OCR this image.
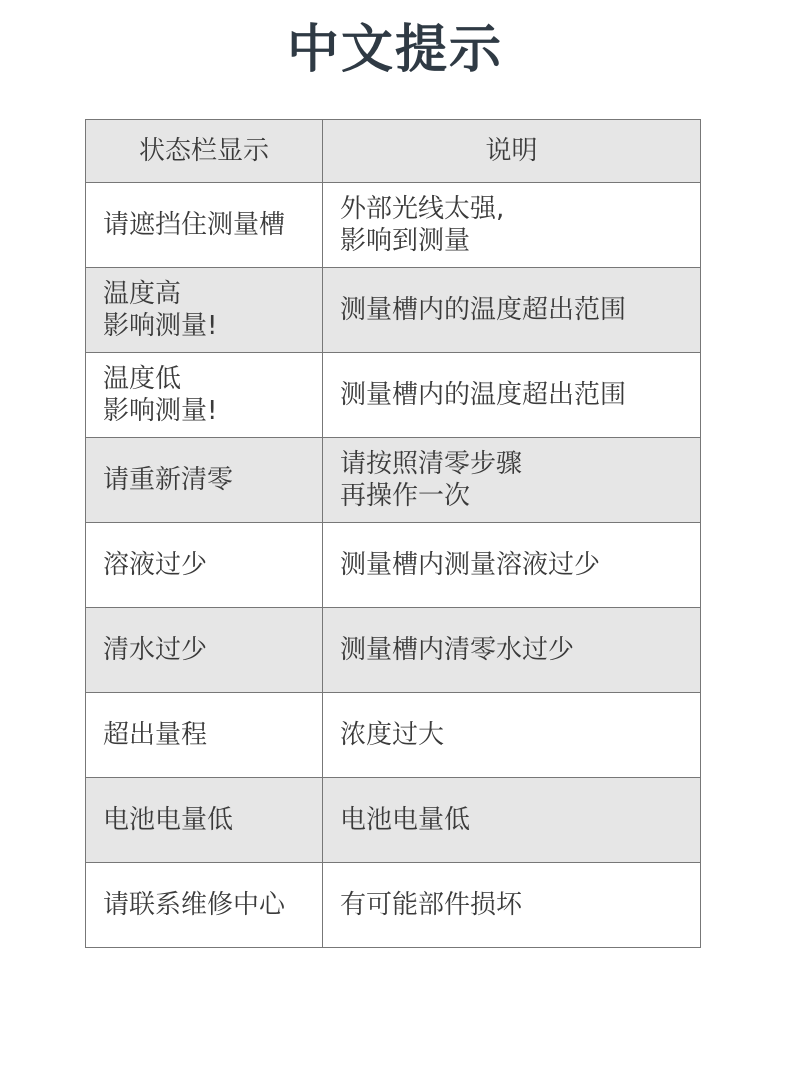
中文提示
状态栏显示	说明
请遮挡住测量槽	外部光线太强,
影响到测量
温度高
影响测量!	测量槽内的温度超出范围
温度低
影响测量!	测量槽内的温度超出范围
请重新清零	请按照清零步骤
再操作一次
溶液过少	测量槽内测量溶液过少
清水过少	测量槽内清零水过少
超出量程	浓度过大
电池电量低	电池电量低
请联系维修中心	有可能部件损坏
